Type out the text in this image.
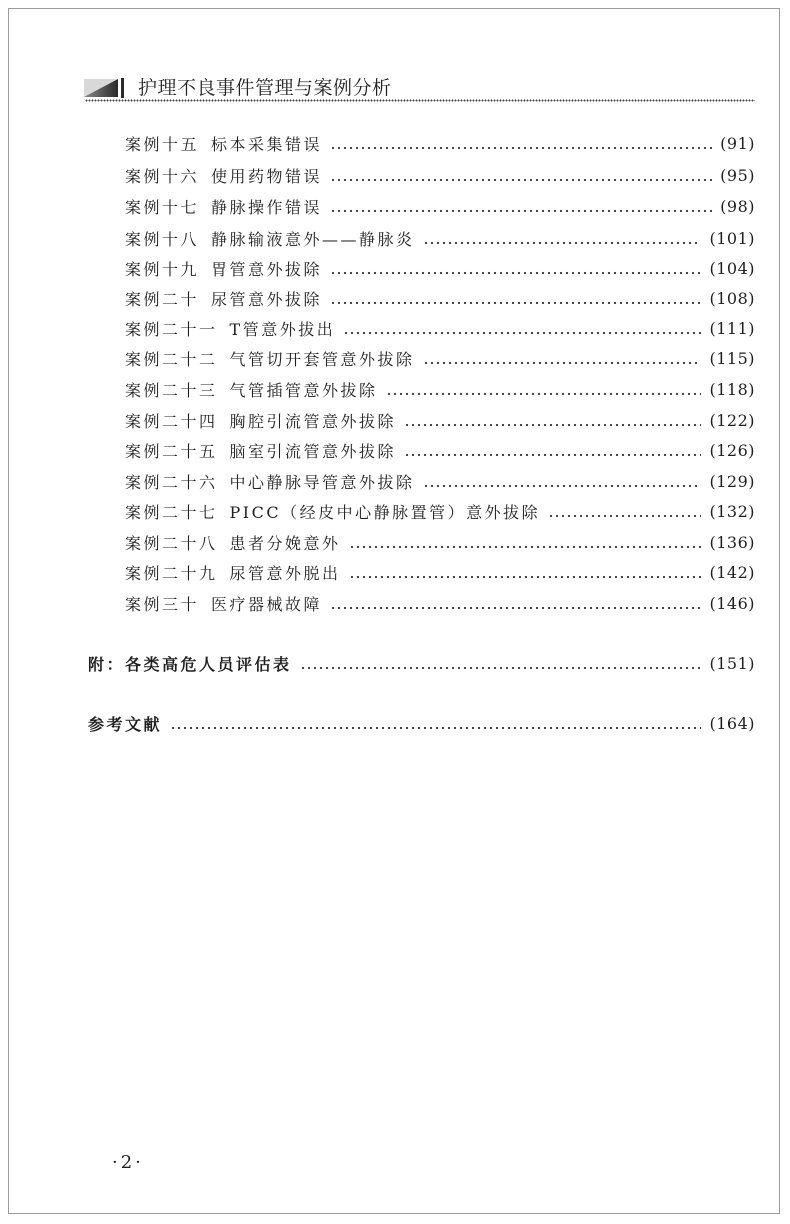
护理不良事件管理与案例分析
案例十五 标本采集错误	(91)
案例十六 使用药物错误	(95)
案例十七 静脉操作错误	(98)
案例十八 静脉输液意外——静脉炎	(101)
案例十九 胃管意外拔除	(104)
案例二十 尿管意外拔除	(108)
案例二十一 T管意外拔出	(111)
案例二十二 气管切开套管意外拔除	(115)
案例二十三 气管插管意外拔除	(118)
案例二十四 胸腔引流管意外拔除	(122)
案例二十五 脑室引流管意外拔除	(126)
案例二十六 中心静脉导管意外拔除	(129)
案例二十七 PICC（经皮中心静脉置管）意外拔除	(132)
案例二十八 患者分娩意外	(136)
案例二十九 尿管意外脱出	(142)
案例三十 医疗器械故障	(146)
附：各类高危人员评估表	(151)
参考文献	(164)
·2·
